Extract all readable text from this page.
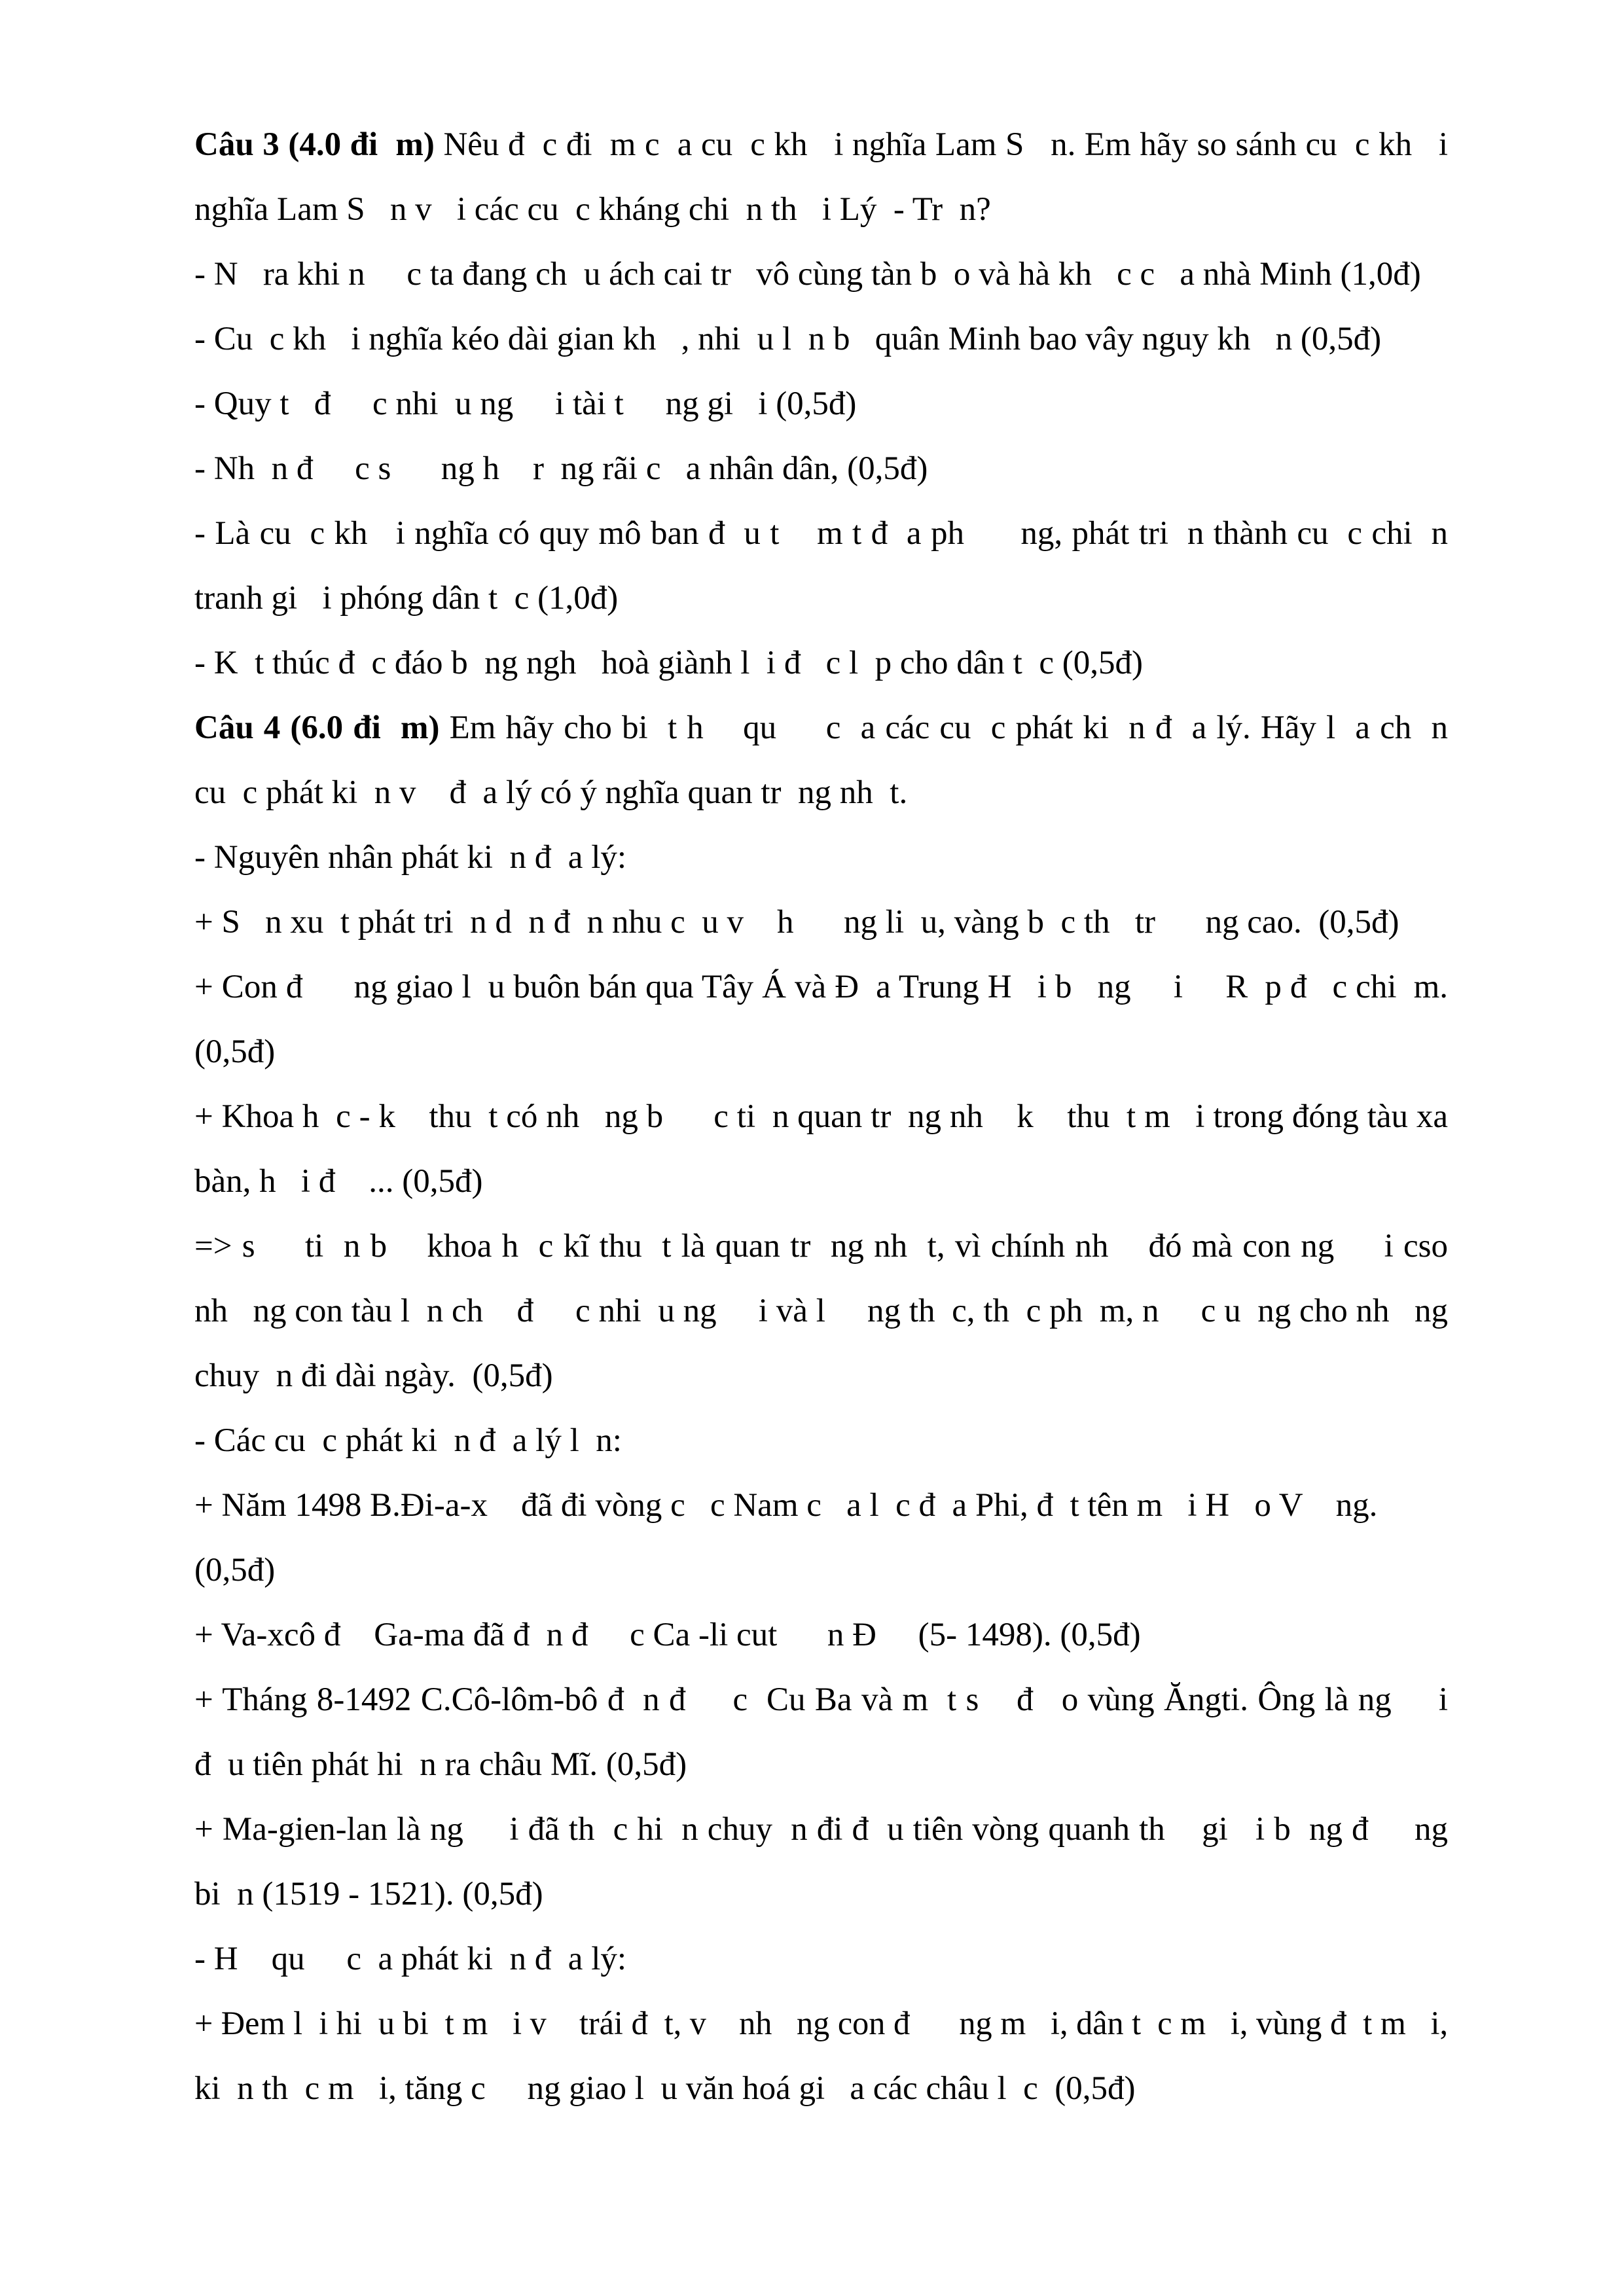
Câu 3 (4.0 đi  m) Nêu đ  c đi  m c  a cu  c kh   i nghĩa Lam S   n. Em hãy so sánh cu  c kh   i
nghĩa Lam S   n v   i các cu  c kháng chi  n th   i Lý  - Tr  n?
- N   ra khi n     c ta đang ch  u ách cai tr   vô cùng tàn b  o và hà kh   c c   a nhà Minh (1,0đ)
- Cu  c kh   i nghĩa kéo dài gian kh   , nhi  u l  n b   quân Minh bao vây nguy kh   n (0,5đ)
- Quy t   đ     c nhi  u ng     i tài t     ng gi   i (0,5đ)
- Nh  n đ     c s      ng h    r  ng rãi c   a nhân dân, (0,5đ)
- Là cu  c kh   i nghĩa có quy mô ban đ  u t    m t đ  a ph      ng, phát tri  n thành cu  c chi  n
tranh gi   i phóng dân t  c (1,0đ)
- K  t thúc đ  c đáo b  ng ngh   hoà giành l  i đ   c l  p cho dân t  c (0,5đ)
Câu 4 (6.0 đi  m) Em hãy cho bi  t h    qu     c  a các cu  c phát ki  n đ  a lý. Hãy l  a ch  n
cu  c phát ki  n v    đ  a lý có ý nghĩa quan tr  ng nh  t.
- Nguyên nhân phát ki  n đ  a lý:
+ S   n xu  t phát tri  n d  n đ  n nhu c  u v    h      ng li  u, vàng b  c th   tr      ng cao.  (0,5đ)
+ Con đ      ng giao l  u buôn bán qua Tây Á và Đ  a Trung H   i b   ng     i     R  p đ   c chi  m.
(0,5đ)
+ Khoa h  c - k    thu  t có nh   ng b      c ti  n quan tr  ng nh    k    thu  t m   i trong đóng tàu xa
bàn, h   i đ    ... (0,5đ)
=> s     ti  n b    khoa h  c kĩ thu  t là quan tr  ng nh  t, vì chính nh    đó mà con ng     i cso
nh   ng con tàu l  n ch    đ     c nhi  u ng     i và l     ng th  c, th  c ph  m, n     c u  ng cho nh   ng
chuy  n đi dài ngày.  (0,5đ)
- Các cu  c phát ki  n đ  a lý l  n:
+ Năm 1498 B.Đi-a-x    đã đi vòng c   c Nam c   a l  c đ  a Phi, đ  t tên m   i H   o V    ng.
(0,5đ)
+ Va-xcô đ    Ga-ma đã đ  n đ     c Ca -li cut      n Đ     (5- 1498). (0,5đ)
+ Tháng 8-1492 C.Cô-lôm-bô đ  n đ     c  Cu Ba và m  t s    đ   o vùng Ăngti. Ông là ng     i
đ  u tiên phát hi  n ra châu Mĩ. (0,5đ)
+ Ma-gien-lan là ng     i đã th  c hi  n chuy  n đi đ  u tiên vòng quanh th    gi   i b  ng đ     ng
bi  n (1519 - 1521). (0,5đ)
- H    qu     c  a phát ki  n đ  a lý:
+ Đem l  i hi  u bi  t m   i v    trái đ  t, v    nh   ng con đ      ng m   i, dân t  c m   i, vùng đ  t m   i,
ki  n th  c m   i, tăng c     ng giao l  u văn hoá gi   a các châu l  c  (0,5đ)
